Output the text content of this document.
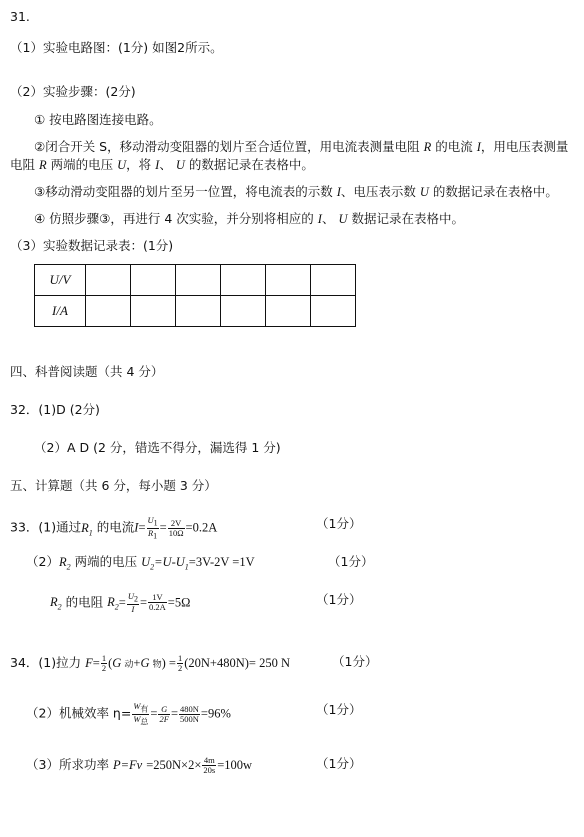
31.
（1）实验电路图：(1分) 如图2所示。
（2）实验步骤：(2分)
① 按电路图连接电路。
②闭合开关 S，移动滑动变阻器的划片至合适位置，用电流表测量电阻 R 的电流 I，用电压表测量
电阻 R 两端的电压 U，将 I、 U 的数据记录在表格中。
③移动滑动变阻器的划片至另一位置，将电流表的示数 I、电压表示数 U 的数据记录在表格中。
④ 仿照步骤③，再进行 4 次实验，并分别将相应的 I、 U 数据记录在表格中。
（3）实验数据记录表：(1分)
U/V						
I/A						
四、科普阅读题（共 4 分）
32．(1)D (2分)
（2）A D (2 分，错选不得分，漏选得 1 分)
五、计算题（共 6 分，每小题 3 分）
33．(1)通过$R_1$ 的电流$I= \frac{U_1}{R_1} = \frac{2V}{10\Omega} =0.2A$	（1分）
$(2)R_2$ 两端的电压 $U_2=U-U_1=3V-2V =1V$	（1分）
$R_2$ 的电阻 $R_2= \frac{U_2}{I} = \frac{1V}{0.2A} =5\Omega$	（1分）
34．(1)拉力 $F= \frac{1}{2} (G$ 动+G 物) = $\frac{1}{2} (20N+480N)= 250$ N	（1分）
（2）机械效率 $\eta= \frac{W_有}{W_总} = \frac{G}{2F} = \frac{480N}{500N} =96\%$	（1分）
（3）所求功率 $P=Fv =250N\times 2\times \frac{4m}{20s} =100w$	（1分）
